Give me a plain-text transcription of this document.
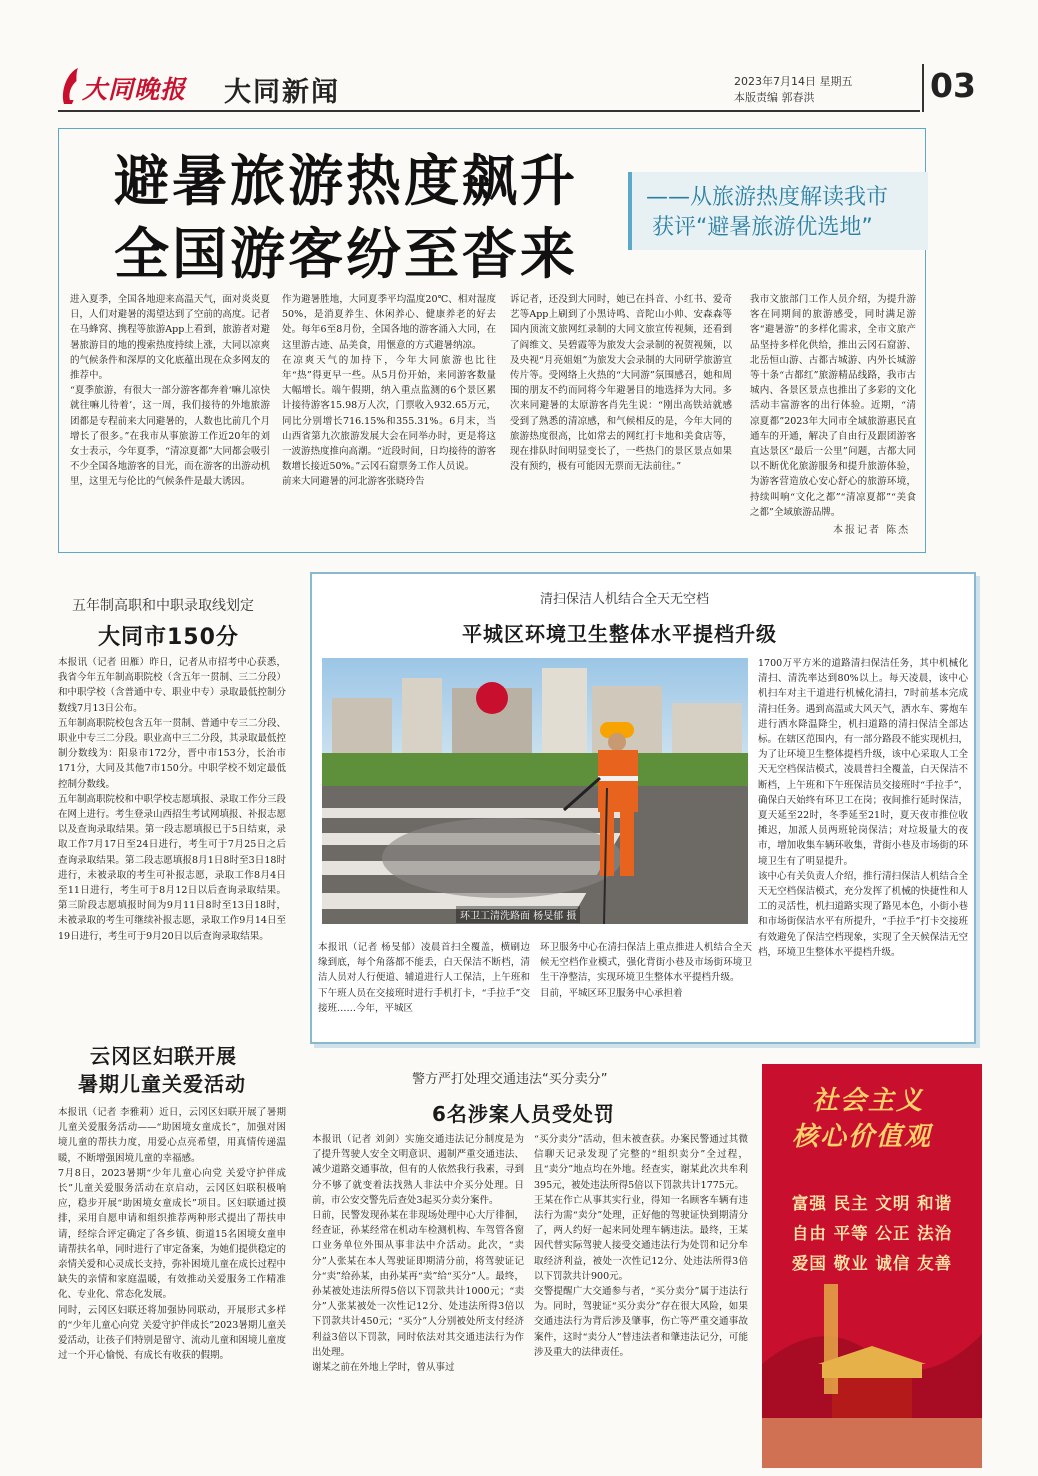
大同晚报 大同新闻	2023年7月14日 星期五
本版责编 郭春洪	03
避暑旅游热度飙升
全国游客纷至沓来
——从旅游热度解读我市
获评“避暑旅游优选地”
进入夏季，全国各地迎来高温天气，面对炎炎夏日，人们对避暑的渴望达到了空前的高度。记者在马蜂窝、携程等旅游App上看到，旅游者对避暑旅游目的地的搜索热度持续上涨，大同以凉爽的气候条件和深厚的文化底蕴出现在众多网友的推荐中。
“夏季旅游，有很大一部分游客都奔着‘嘛儿凉快就往嘛儿待着’，这一周，我们接待的外地旅游团都是专程前来大同避暑的，人数也比前几个月增长了很多。”在我市从事旅游工作近20年的刘女士表示，今年夏季，“清凉夏都”大同都会吸引不少全国各地游客的目光，而在游客的出游动机里，这里无与伦比的气候条件是最大诱因。
作为避暑胜地，大同夏季平均温度20℃、相对湿度50%，是消夏养生、休闲养心、健康养老的好去处。每年6至8月份，全国各地的游客涌入大同，在这里游古迹、品美食，用惬意的方式避暑纳凉。
在凉爽天气的加持下，今年大同旅游也比往年“热”得更早一些。从5月份开始，来同游客数量大幅增长。端午假期，纳入重点监测的6个景区累计接待游客15.98万人次，门票收入932.65万元，同比分别增长716.15%和355.31%。6月末，当山西省第九次旅游发展大会在同举办时，更是将这一波游热度推向高潮。“近段时间，日均接待的游客数增长接近50%。”云冈石窟票务工作人员说。
前来大同避暑的河北游客张晓玲告
诉记者，还没到大同时，她已在抖音、小红书、爱奇艺等App上刷到了小黑诗鸣、音陀山小帅、安森森等国内顶流文旅网红录制的大同文旅宣传视频，还看到了阎维文、吴碧霞等为旅发大会录制的祝贺视频，以及央视“月亮姐姐”为旅发大会录制的大同研学旅游宣传片等。受网络上火热的“大同游”氛围感召，她和周围的朋友不约而同将今年避暑目的地选择为大同。多次来同避暑的太原游客肖先生说：“刚出高铁站就感受到了熟悉的清凉感，和气候相反的是，今年大同的旅游热度很高，比如常去的网红打卡地和美食店等，现在排队时间明显变长了，一些热门的景区景点如果没有预约，极有可能因无票而无法前往。”
我市文旅部门工作人员介绍，为提升游客在同期间的旅游感受，同时满足游客“避暑游”的多样化需求，全市文旅产品坚持多样化供给，推出云冈石窟游、北岳恒山游、古都古城游、内外长城游等十条“古都红”旅游精品线路，我市古城内、各景区景点也推出了多彩的文化活动丰富游客的出行体验。近期，“清凉夏都”2023年大同市全域旅游惠民直通车的开通，解决了自由行及跟团游客直达景区“最后一公里”问题，古都大同以不断优化旅游服务和提升旅游体验，为游客营造放心安心舒心的旅游环境，持续叫响“文化之都”“清凉夏都”“美食之都”全域旅游品牌。
本报记者 陈杰
五年制高职和中职录取线划定
大同市150分
本报讯（记者 田雁）昨日，记者从市招考中心获悉，我省今年五年制高职院校（含五年一贯制、三二分段）和中职学校（含普通中专、职业中专）录取最低控制分数线7月13日公布。
五年制高职院校包含五年一贯制、普通中专三二分段、职业中专三二分段。职业高中三二分段，其录取最低控制分数线为：阳泉市172分，晋中市153分，长治市171分，大同及其他7市150分。中职学校不划定最低控制分数线。
五年制高职院校和中职学校志愿填报、录取工作分三段在网上进行。考生登录山西招生考试网填报、补报志愿以及查询录取结果。第一段志愿填报已于5日结束，录取工作7月17日至24日进行，考生可于7月25日之后查询录取结果。第二段志愿填报8月1日8时至3日18时进行，未被录取的考生可补报志愿，录取工作8月4日至11日进行，考生可于8月12日以后查询录取结果。第三阶段志愿填报时间为9月11日8时至13日18时，未被录取的考生可继续补报志愿，录取工作9月14日至19日进行，考生可于9月20日以后查询录取结果。
云冈区妇联开展
暑期儿童关爱活动
本报讯（记者 李雅莉）近日，云冈区妇联开展了暑期儿童关爱服务活动——“助困境女童成长”，加强对困境儿童的帮扶力度，用爱心点亮希望，用真情传递温暖，不断增强困境儿童的幸福感。
7月8日，2023暑期“少年儿童心向党 关爱守护伴成长”儿童关爱服务活动在京启动，云冈区妇联积极响应，稳步开展“助困境女童成长”项目。区妇联通过摸排，采用自愿申请和组织推荐两种形式提出了帮扶申请，经综合评定确定了各乡镇、街道15名困境女童申请帮扶名单，同时进行了审定备案，为她们提供稳定的亲情关爱和心灵成长支持，弥补困境儿童在成长过程中缺失的亲情和家庭温暖，有效推动关爱服务工作精准化、专业化、常态化发展。
同时，云冈区妇联还将加强协同联动，开展形式多样的“少年儿童心向党 关爱守护伴成长”2023暑期儿童关爱活动，让孩子们特别是留守、流动儿童和困境儿童度过一个开心愉悦、有成长有收获的假期。
清扫保洁人机结合全天无空档
平城区环境卫生整体水平提档升级
环卫工清洗路面 杨旻郁 摄
本报讯（记者 杨旻郁）凌晨首扫全覆盖，横刷边缘到底，每个角落都不能丢，白天保洁不断档，清洁人员对人行便道、辅道进行人工保洁，上午班和下午班人员在交接班时进行手机打卡，“手拉手”交接班……今年，平城区
环卫服务中心在清扫保洁上重点推进人机结合全天候无空档作业模式，强化背街小巷及市场街环境卫生干净整洁，实现环境卫生整体水平提档升级。
目前，平城区环卫服务中心承担着
1700万平方米的道路清扫保洁任务，其中机械化清扫、清洗率达到80%以上。每天凌晨，该中心机扫车对主干道进行机械化清扫，7时前基本完成清扫任务。遇到高温或大风天气，洒水车、雾炮车进行洒水降温降尘，机扫道路的清扫保洁全部达标。在辖区范围内，有一部分路段不能实现机扫，为了让环境卫生整体提档升级，该中心采取人工全天无空档保洁模式，凌晨普扫全覆盖，白天保洁不断档，上午班和下午班保洁员交接班时“手拉手”，确保白天始终有环卫工在岗；夜间推行延时保洁，夏天延至22时，冬季延至21时，夏天夜市推位收摊迟，加派人员两班轮岗保洁；对垃圾量大的夜市，增加收集车辆环收集，背街小巷及市场街的环境卫生有了明显提升。
该中心有关负责人介绍，推行清扫保洁人机结合全天无空档保洁模式，充分发挥了机械的快捷性和人工的灵活性，机扫道路实现了路见本色，小街小巷和市场街保洁水平有所提升，“手拉手”打卡交接班有效避免了保洁空档现象，实现了全天候保洁无空档，环境卫生整体水平提档升级。
警方严打处理交通违法“买分卖分”
6名涉案人员受处罚
本报讯（记者 刘剑）实施交通违法记分制度是为了提升驾驶人安全文明意识、遏制严重交通违法、减少道路交通事故，但有的人依然我行我素，寻到分不够了就变着法找熟人非法中介买分处理。日前，市公安交警先后查处3起买分卖分案件。
日前，民警发现孙某在非现场处理中心大厅徘徊，经查证，孙某经常在机动车检测机构、车驾管各窗口业务单位外围从事非法中介活动。此次，“卖分”人张某在本人驾驶证即期清分前，将驾驶证记分“卖”给孙某，由孙某再“卖”给“买分”人。最终，孙某被处违法所得5倍以下罚款共计1000元；“卖分”人张某被处一次性记12分、处违法所得3倍以下罚款共计450元；“买分”人分别被处所支付经济利益3倍以下罚款，同时依法对其交通违法行为作出处理。
谢某之前在外地上学时，曾从事过
“买分卖分”活动，但未被查获。办案民警通过其微信聊天记录发现了完整的“组织卖分”全过程，且“卖分”地点均在外地。经查实，谢某此次共牟利395元，被处违法所得5倍以下罚款共计1775元。
王某在作亡从事其实行业，得知一名顾客车辆有违法行为需“卖分”处理，正好他的驾驶证快到期清分了，两人约好一起来同处理车辆违法。最终，王某因代替实际驾驶人接受交通违法行为处罚和记分牟取经济利益，被处一次性记12分、处违法所得3倍以下罚款共计900元。
交警提醒广大交通参与者，“买分卖分”属于违法行为。同时，驾驶证“买分卖分”存在很大风险，如果交通违法行为背后涉及肇事，伤亡等严重交通事故案件，这时“卖分人”替违法者和肇违法记分，可能涉及重大的法律责任。
社会主义
核心价值观
富强 民主 文明 和谐
自由 平等 公正 法治
爱国 敬业 诚信 友善
